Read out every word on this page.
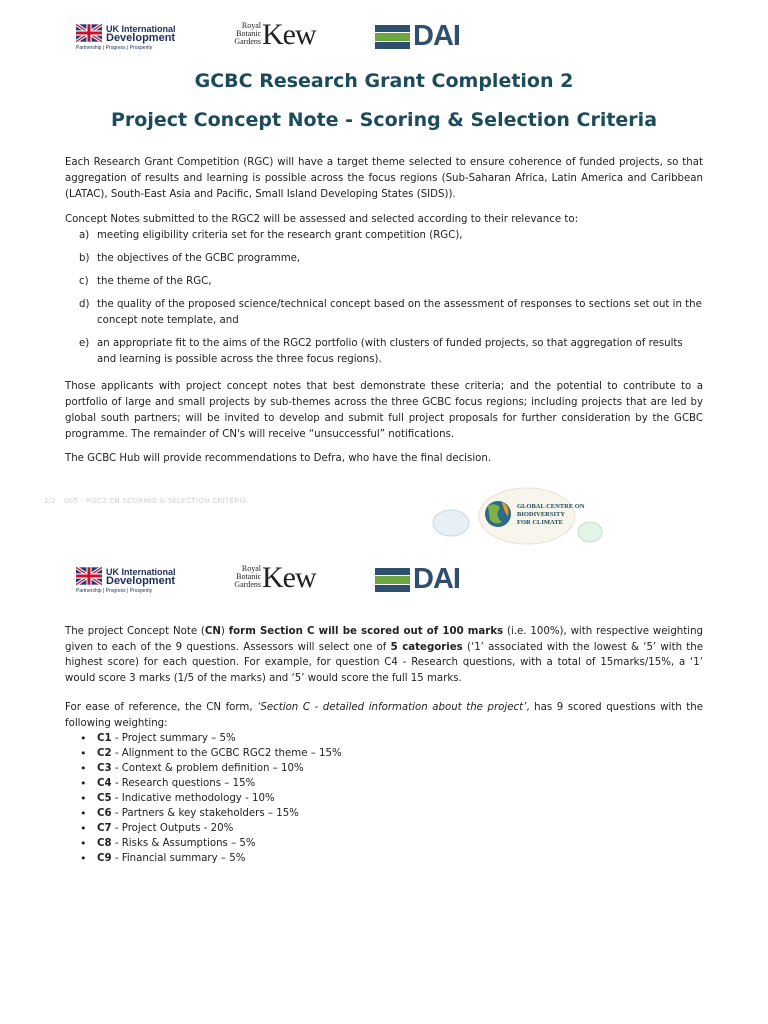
UK International
Development
Partnership | Progress | Prosperity
Royal
Botanic
Gardens Kew	DAI
GCBC Research Grant Completion 2
Project Concept Note - Scoring & Selection Criteria
Each Research Grant Competition (RGC) will have a target theme selected to ensure coherence of funded projects, so that aggregation of results and learning is possible across the focus regions (Sub-Saharan Africa, Latin America and Caribbean (LATAC), South-East Asia and Pacific, Small Island Developing States (SIDS)).
Concept Notes submitted to the RGC2 will be assessed and selected according to their relevance to:
a) meeting eligibility criteria set for the research grant competition (RGC),
b) the objectives of the GCBC programme,
c) the theme of the RGC,
d) the quality of the proposed science/technical concept based on the assessment of responses to sections set out in the concept note template, and
e) an appropriate fit to the aims of the RGC2 portfolio (with clusters of funded projects, so that aggregation of results and learning is possible across the three focus regions).
Those applicants with project concept notes that best demonstrate these criteria; and the potential to contribute to a portfolio of large and small projects by sub-themes across the three GCBC focus regions; including projects that are led by global south partners; will be invited to develop and submit full project proposals for further consideration by the GCBC programme. The remainder of CN's will receive “unsuccessful” notifications.
The GCBC Hub will provide recommendations to Defra, who have the final decision.
1/2 005 - RGC2 CN SCORING & SELECTION CRITERIA
GLOBAL CENTRE ON
BIODIVERSITY
FOR CLIMATE
UK International
Development
Partnership | Progress | Prosperity
Royal
Botanic
Gardens Kew	DAI
The project Concept Note (CN) form Section C will be scored out of 100 marks (i.e. 100%), with respective weighting given to each of the 9 questions. Assessors will select one of 5 categories (‘1’ associated with the lowest & ‘5’ with the highest score) for each question. For example, for question C4 - Research questions, with a total of 15marks/15%, a ‘1’ would score 3 marks (1/5 of the marks) and ‘5’ would score the full 15 marks.
For ease of reference, the CN form, ‘Section C - detailed information about the project’, has 9 scored questions with the following weighting:
• C1 - Project summary – 5%
• C2 - Alignment to the GCBC RGC2 theme – 15%
• C3 - Context & problem definition – 10%
• C4 - Research questions – 15%
• C5 - Indicative methodology - 10%
• C6 - Partners & key stakeholders – 15%
• C7 - Project Outputs - 20%
• C8 - Risks & Assumptions – 5%
• C9 - Financial summary – 5%
